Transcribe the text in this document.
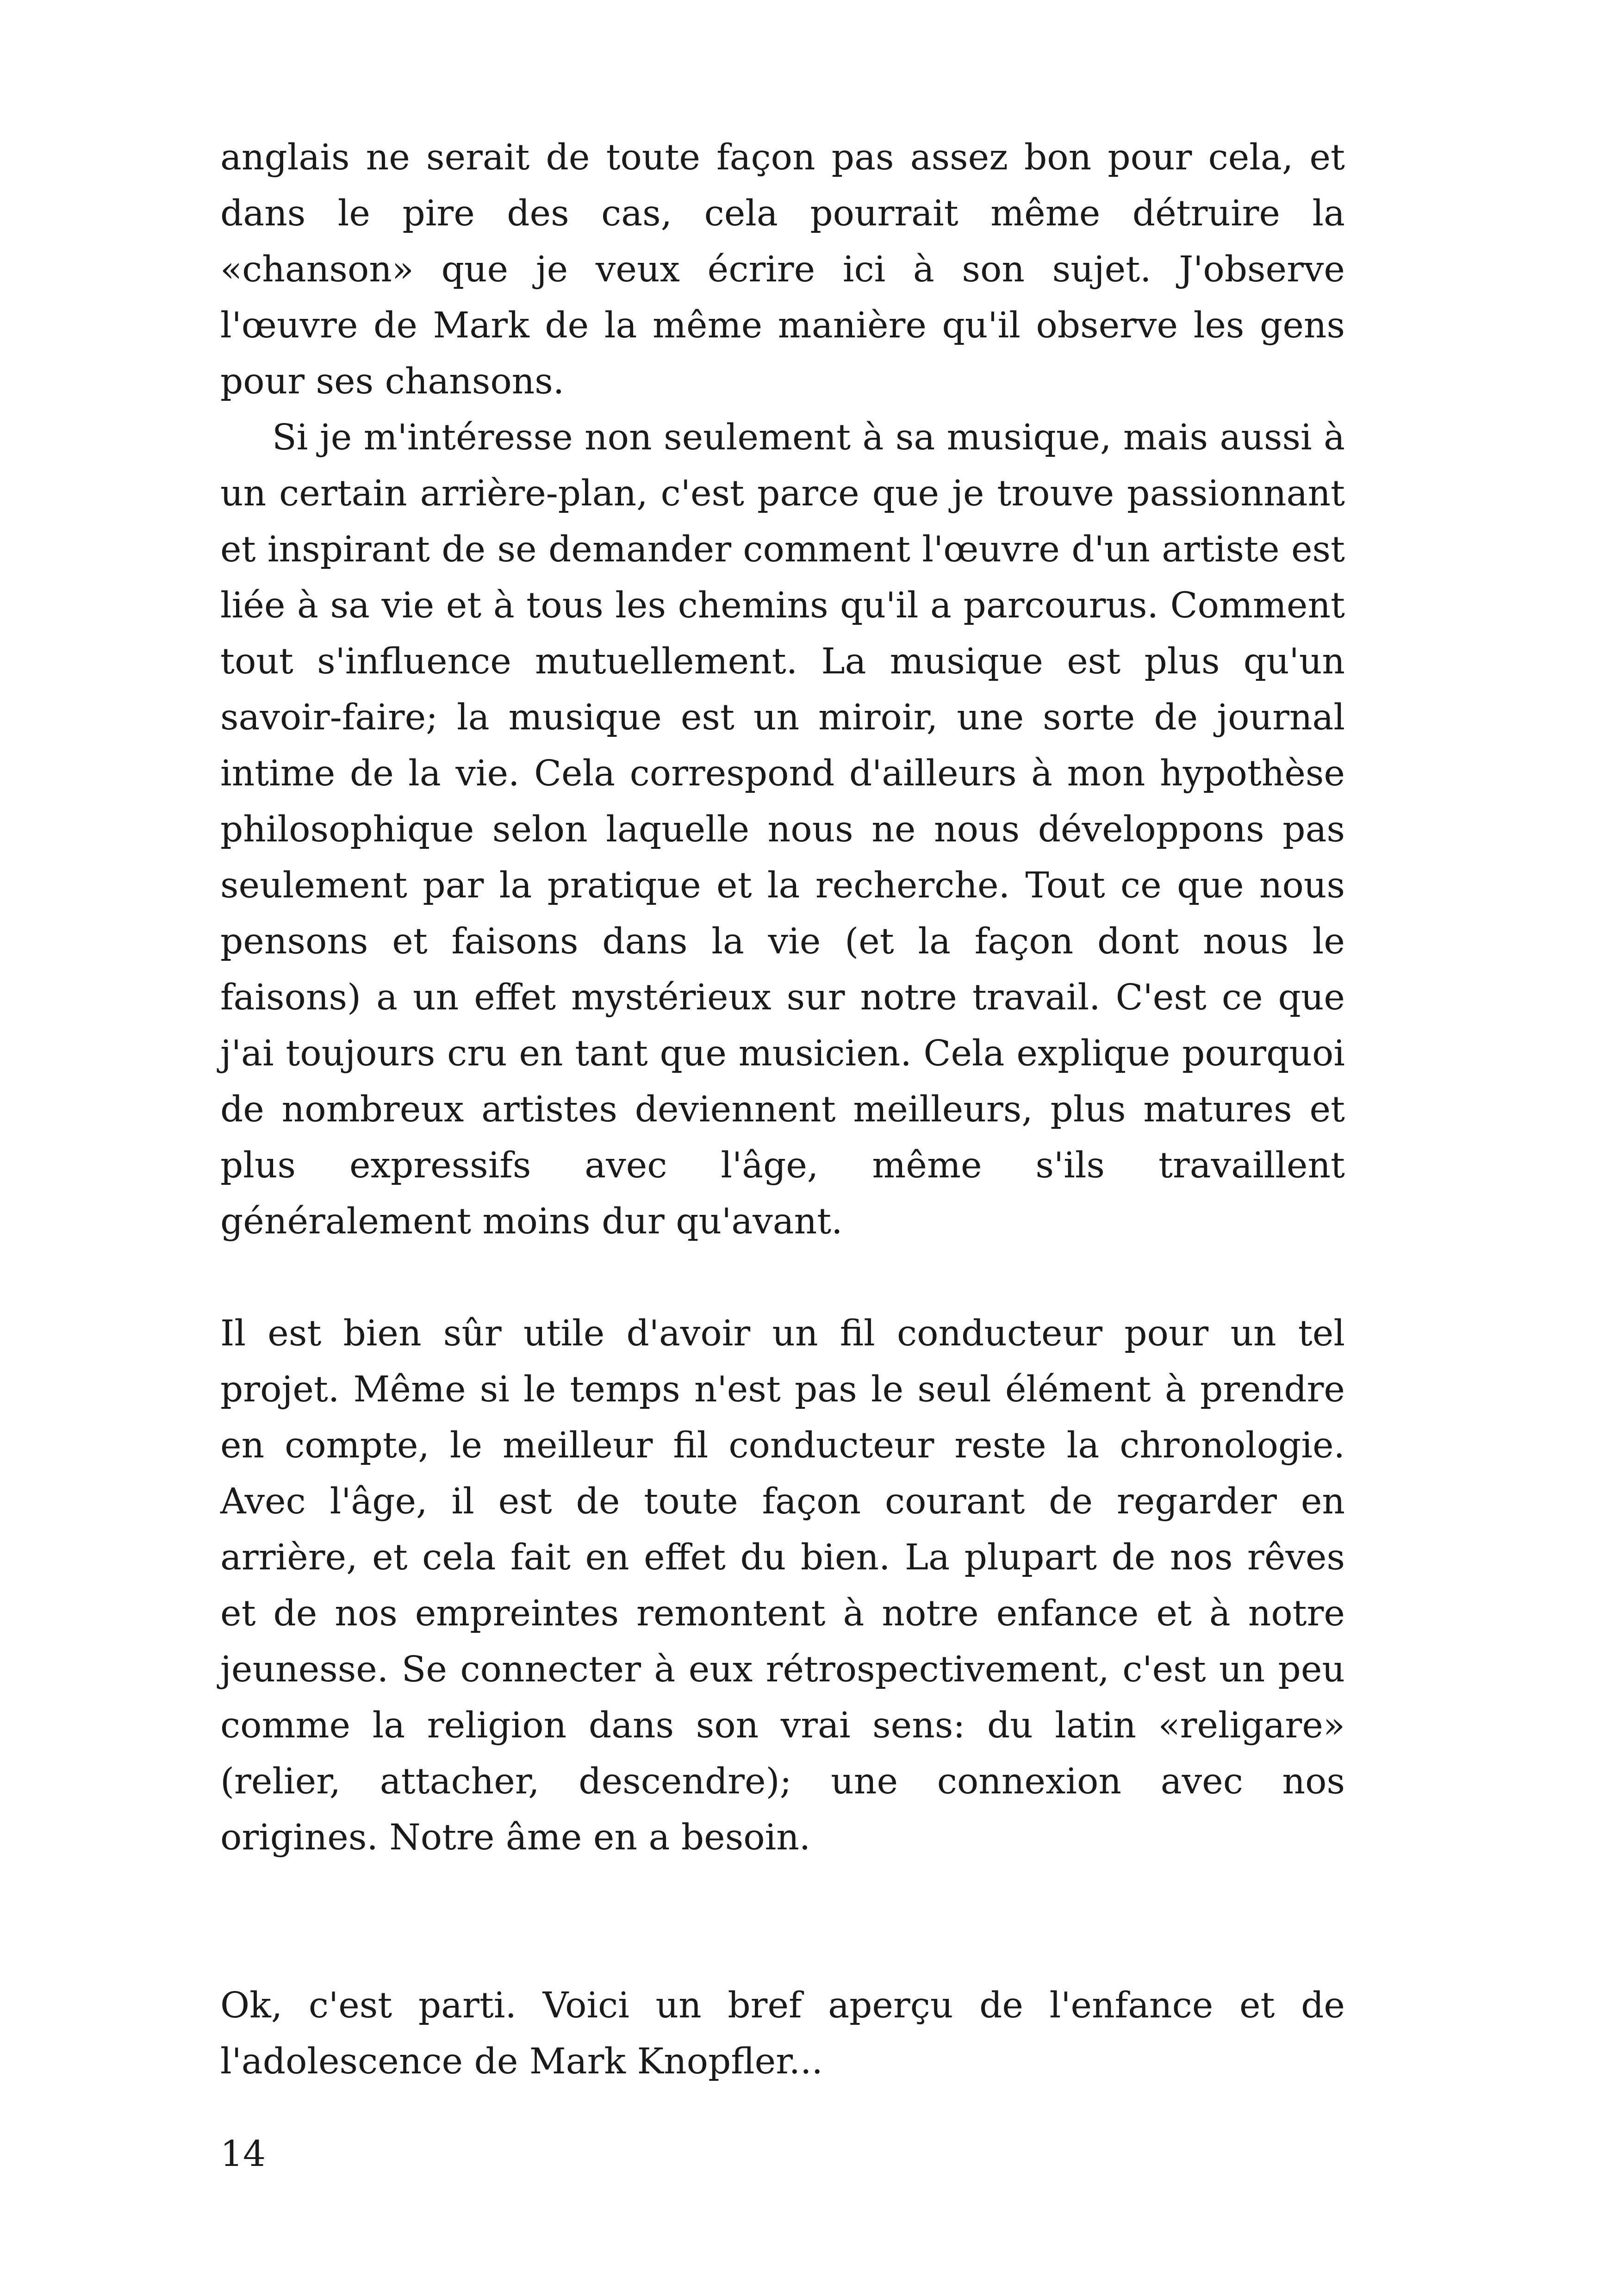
anglais ne serait de toute façon pas assez bon pour cela, et dans le pire des cas, cela pourrait même détruire la «chanson» que je veux écrire ici à son sujet. J'observe l'œuvre de Mark de la même manière qu'il observe les gens pour ses chansons.

Si je m'intéresse non seulement à sa musique, mais aussi à un certain arrière-plan, c'est parce que je trouve passionnant et inspirant de se demander comment l'œuvre d'un artiste est liée à sa vie et à tous les chemins qu'il a parcourus. Comment tout s'influence mutuellement. La musique est plus qu'un savoir-faire; la musique est un miroir, une sorte de journal intime de la vie. Cela correspond d'ailleurs à mon hypothèse philosophique selon laquelle nous ne nous développons pas seulement par la pratique et la recherche. Tout ce que nous pensons et faisons dans la vie (et la façon dont nous le faisons) a un effet mystérieux sur notre travail. C'est ce que j'ai toujours cru en tant que musicien. Cela explique pourquoi de nombreux artistes deviennent meilleurs, plus matures et plus expressifs avec l'âge, même s'ils travaillent généralement moins dur qu'avant.

Il est bien sûr utile d'avoir un fil conducteur pour un tel projet. Même si le temps n'est pas le seul élément à prendre en compte, le meilleur fil conducteur reste la chronologie. Avec l'âge, il est de toute façon courant de regarder en arrière, et cela fait en effet du bien. La plupart de nos rêves et de nos empreintes remontent à notre enfance et à notre jeunesse. Se connecter à eux rétrospectivement, c'est un peu comme la religion dans son vrai sens: du latin «religare» (relier, attacher, descendre); une connexion avec nos origines. Notre âme en a besoin.

Ok, c'est parti. Voici un bref aperçu de l'enfance et de l'adolescence de Mark Knopfler...

14
